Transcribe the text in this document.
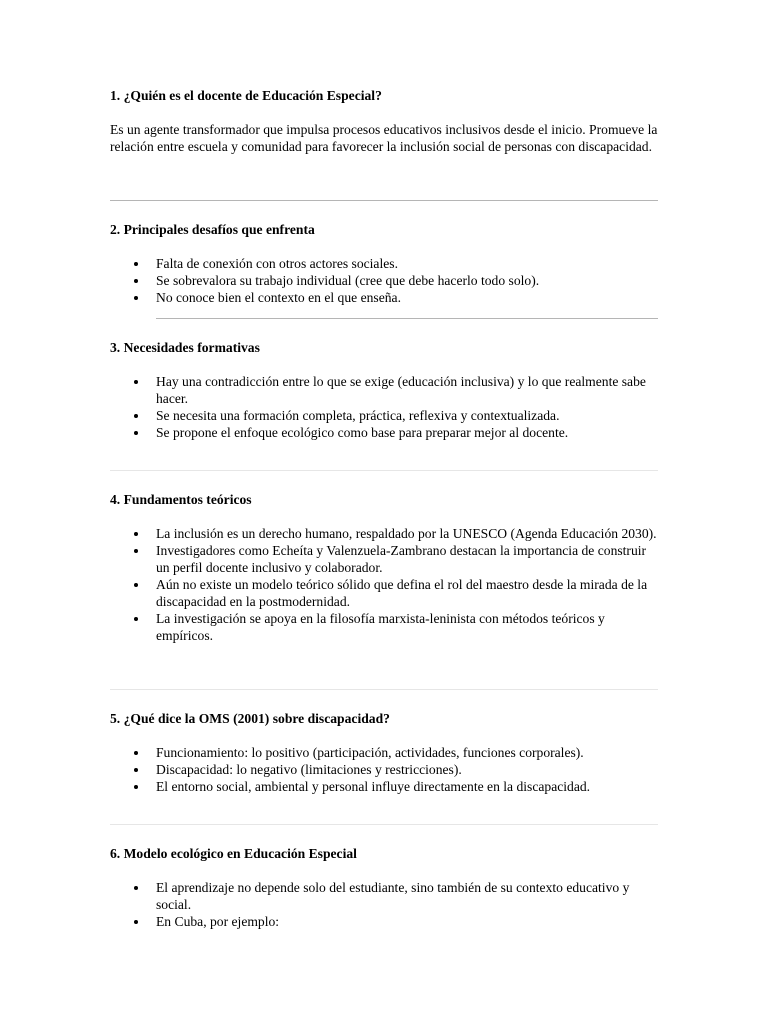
1. ¿Quién es el docente de Educación Especial?

Es un agente transformador que impulsa procesos educativos inclusivos desde el inicio. Promueve la relación entre escuela y comunidad para favorecer la inclusión social de personas con discapacidad.

2. Principales desafíos que enfrenta
Falta de conexión con otros actores sociales.
Se sobrevalora su trabajo individual (cree que debe hacerlo todo solo).
No conoce bien el contexto en el que enseña.
3. Necesidades formativas
Hay una contradicción entre lo que se exige (educación inclusiva) y lo que realmente sabe hacer.
Se necesita una formación completa, práctica, reflexiva y contextualizada.
Se propone el enfoque ecológico como base para preparar mejor al docente.
4. Fundamentos teóricos
La inclusión es un derecho humano, respaldado por la UNESCO (Agenda Educación 2030).
Investigadores como Echeíta y Valenzuela-Zambrano destacan la importancia de construir un perfil docente inclusivo y colaborador.
Aún no existe un modelo teórico sólido que defina el rol del maestro desde la mirada de la discapacidad en la postmodernidad.
La investigación se apoya en la filosofía marxista-leninista con métodos teóricos y empíricos.
5. ¿Qué dice la OMS (2001) sobre discapacidad?
Funcionamiento: lo positivo (participación, actividades, funciones corporales).
Discapacidad: lo negativo (limitaciones y restricciones).
El entorno social, ambiental y personal influye directamente en la discapacidad.
6. Modelo ecológico en Educación Especial
El aprendizaje no depende solo del estudiante, sino también de su contexto educativo y social.
En Cuba, por ejemplo:
